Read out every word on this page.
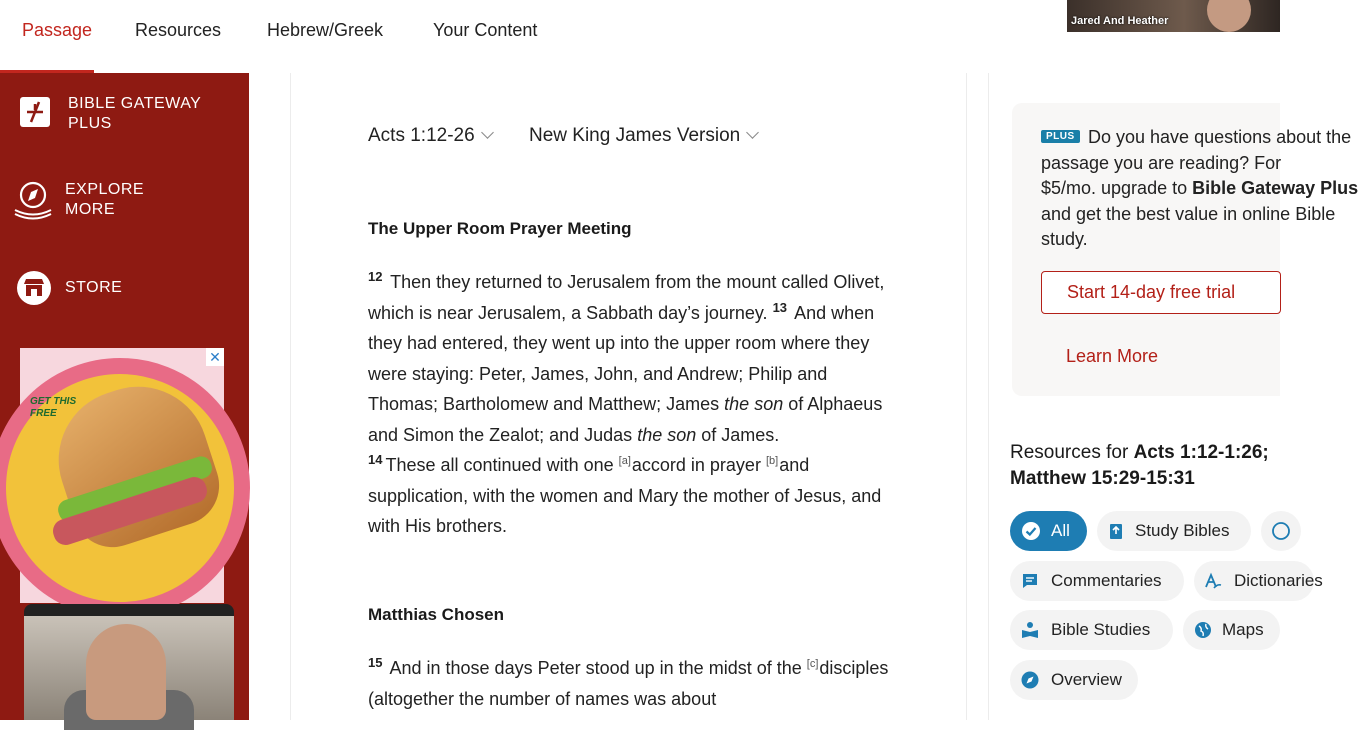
Passage Resources	Hebrew/Greek	Your Content	Jared And Heather
BIBLE GATEWAY
PLUS
EXPLORE
MORE
STORE
GET THIS FREE
✕
Acts 1:12-26	New King James Version
The Upper Room Prayer Meeting
$^{12}$ Then they returned to Jerusalem from the mount called Olivet, which is near Jerusalem, a Sabbath day’s journey. $^{13}$ And when they had entered, they went up into the upper room where they were staying: Peter, James, John, and Andrew; Philip and Thomas; Bartholomew and Matthew; James the son of Alphaeus and Simon the Zealot; and Judas the son of James.
$^{14}$ These all continued with one [a]accord in prayer [b]and supplication, with the women and Mary the mother of Jesus, and with His brothers.
Matthias Chosen
$^{15}$ And in those days Peter stood up in the midst of the [c]disciples (altogether the number of names was about
Do you have questions about the
passage you are reading? For
$5/mo. upgrade to Bible Gateway Plus
and get the best value in online Bible
study.
PLUS
Start 14-day free trial
Learn More
Resources for Acts 1:12-1:26;
Matthew 15:29-15:31
All	Study Bibles
Commentaries	Dictionaries
Bible Studies	Maps
Overview
